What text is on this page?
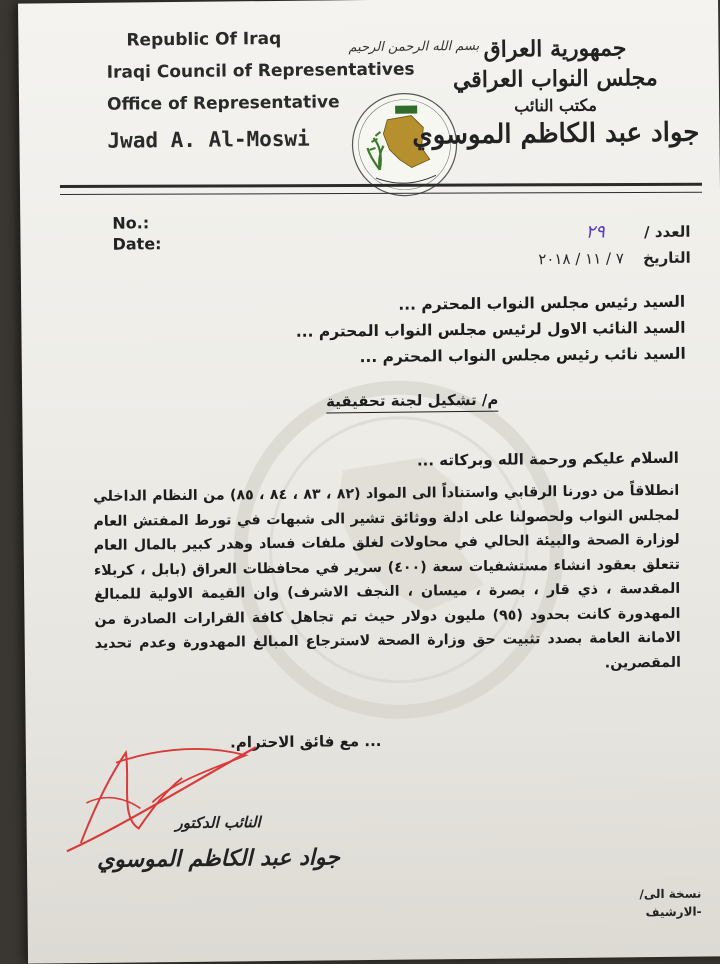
Republic Of Iraq
Iraqi Council of Representatives
Office of Representative
Jwad A. Al-Moswi
بسم الله الرحمن الرحيم جمهورية العراق
مجلس النواب العراقي
مكتب النائب
جواد عبد الكاظم الموسوي
No.:
Date:
العدد / ٢٩
التاريخ ٧ / ١١ / ٢٠١٨
السيد رئيس مجلس النواب المحترم ...
السيد النائب الاول لرئيس مجلس النواب المحترم ...
السيد نائب رئيس مجلس النواب المحترم ...
م/ تشكيل لجنة تحقيقية
السلام عليكم ورحمة الله وبركاته ...
انطلاقاً من دورنا الرقابي واستناداً الى المواد (٨٢ ، ٨٣ ، ٨٤ ، ٨٥) من النظام الداخلي لمجلس النواب ولحصولنا على ادلة ووثائق تشير الى شبهات في تورط المفتش العام لوزارة الصحة والبيئة الحالي في محاولات لغلق ملفات فساد وهدر كبير بالمال العام تتعلق بعقود انشاء مستشفيات سعة (٤٠٠) سرير في محافظات العراق (بابل ، كربلاء المقدسة ، ذي قار ، بصرة ، ميسان ، النجف الاشرف) وان القيمة الاولية للمبالغ المهدورة كانت بحدود (٩٥) مليون دولار حيث تم تجاهل كافة القرارات الصادرة من الامانة العامة بصدد تثبيت حق وزارة الصحة لاسترجاع المبالغ المهدورة وعدم تحديد المقصرين.
... مع فائق الاحترام.
النائب الدكتور
جواد عبد الكاظم الموسوي
نسخة الى/
-الارشيف
